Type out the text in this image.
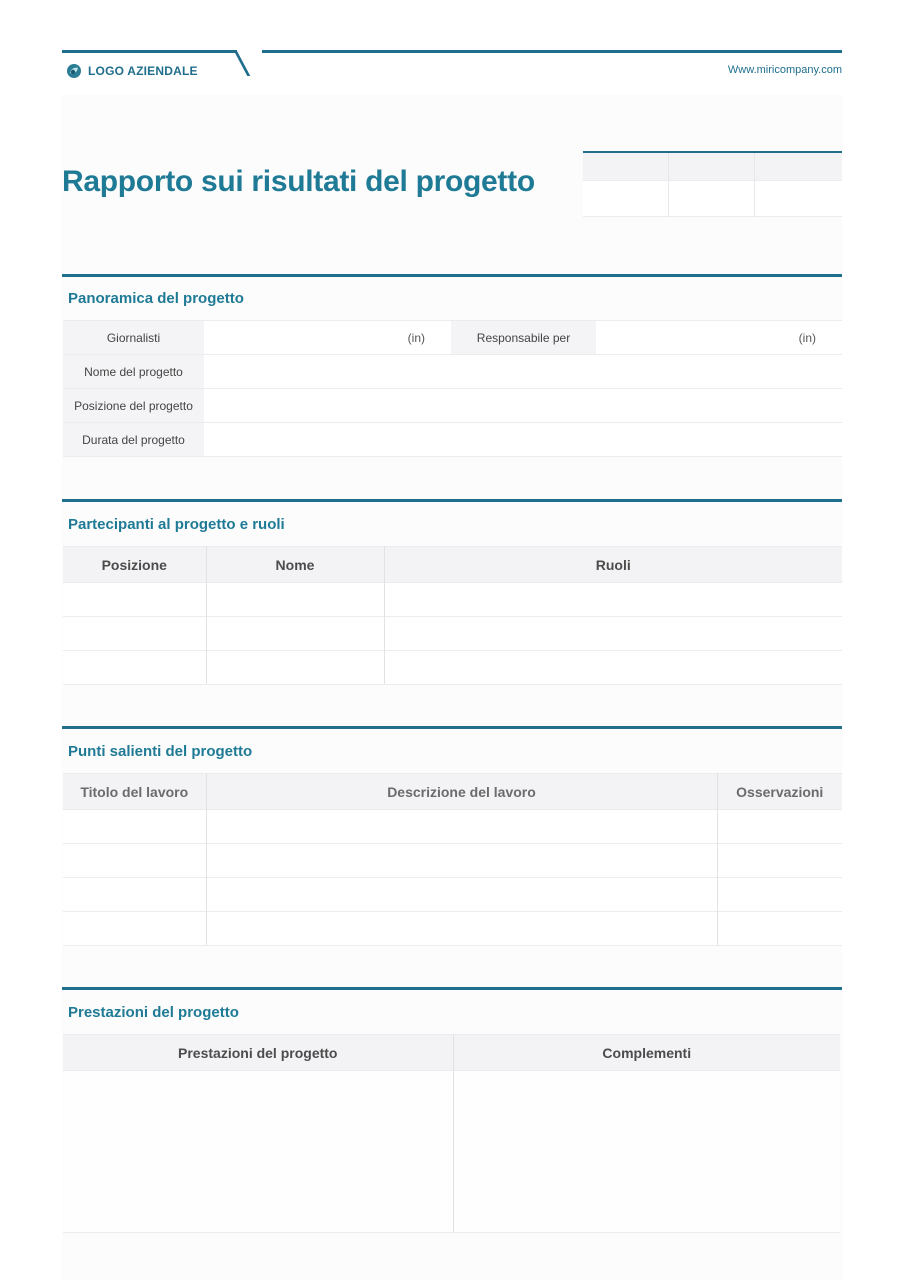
LOGO AZIENDALE	Www.miricompany.com
Rapporto sui risultati del progetto
Panoramica del progetto
Giornalisti	(in)	Responsabile per	(in)
Nome del progetto			
Posizione del progetto			
Durata del progetto			
Partecipanti al progetto e ruoli
Posizione	Nome	Ruoli

Punti salienti del progetto
Titolo del lavoro	Descrizione del lavoro	Osservazioni

Prestazioni del progetto
Prestazioni del progetto	Complementi
